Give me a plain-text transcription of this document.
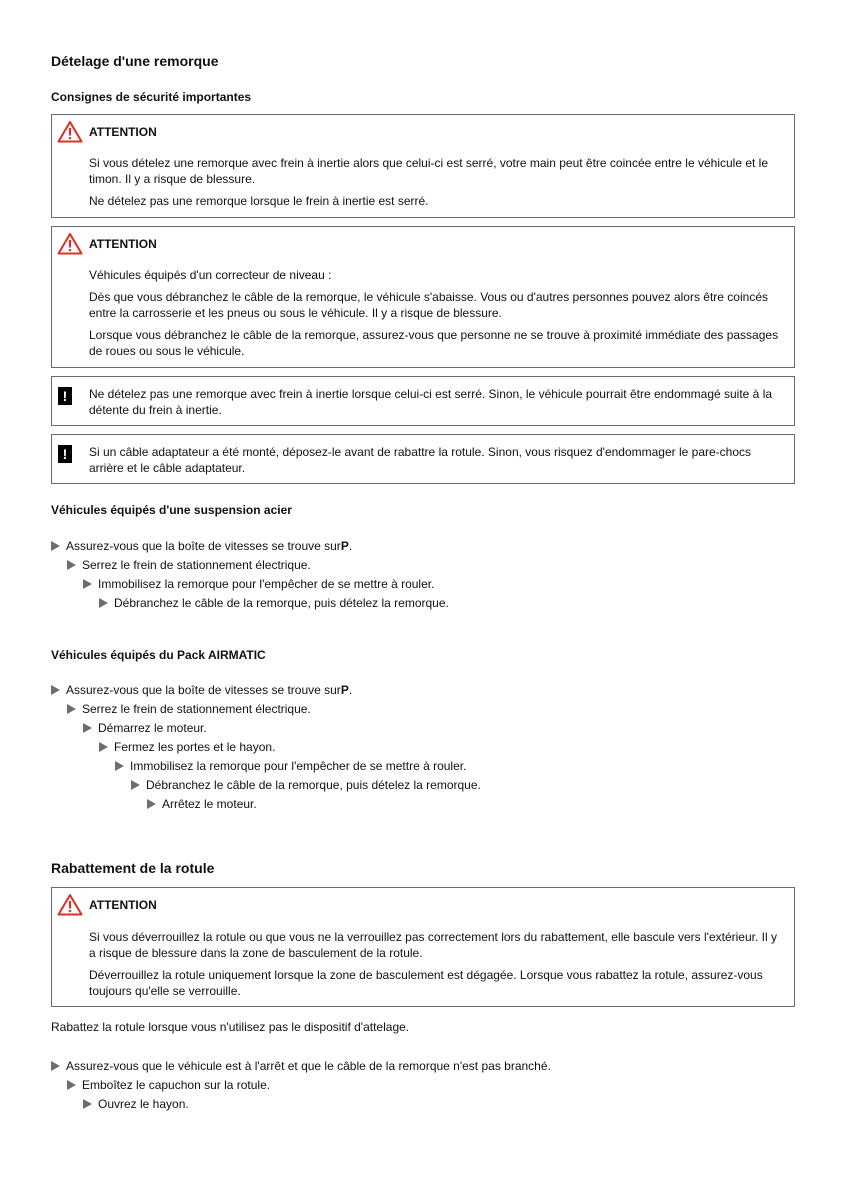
Dételage d'une remorque
Consignes de sécurité importantes
ATTENTION

Si vous dételez une remorque avec frein à inertie alors que celui-ci est serré, votre main peut être coincée entre le véhicule et le timon. Il y a risque de blessure.

Ne dételez pas une remorque lorsque le frein à inertie est serré.

ATTENTION

Véhicules équipés d'un correcteur de niveau :

Dès que vous débranchez le câble de la remorque, le véhicule s'abaisse. Vous ou d'autres personnes pouvez alors être coincés entre la carrosserie et les pneus ou sous le véhicule. Il y a risque de blessure.

Lorsque vous débranchez le câble de la remorque, assurez-vous que personne ne se trouve à proximité immédiate des passages de roues ou sous le véhicule.

!	Ne dételez pas une remorque avec frein à inertie lorsque celui-ci est serré. Sinon, le véhicule pourrait être endommagé suite à la détente du frein à inertie.

!	Si un câble adaptateur a été monté, déposez-le avant de rabattre la rotule. Sinon, vous risquez d'endommager le pare-chocs arrière et le câble adaptateur.

Véhicules équipés d'une suspension acier
Assurez-vous que la boîte de vitesses se trouve sur P .
Serrez le frein de stationnement électrique.
Immobilisez la remorque pour l'empêcher de se mettre à rouler.
Débranchez le câble de la remorque, puis dételez la remorque.
Véhicules équipés du Pack AIRMATIC
Assurez-vous que la boîte de vitesses se trouve sur P .
Serrez le frein de stationnement électrique.
Démarrez le moteur.
Fermez les portes et le hayon.
Immobilisez la remorque pour l'empêcher de se mettre à rouler.
Débranchez le câble de la remorque, puis dételez la remorque.
Arrêtez le moteur.
Rabattement de la rotule
ATTENTION

Si vous déverrouillez la rotule ou que vous ne la verrouillez pas correctement lors du rabattement, elle bascule vers l'extérieur. Il y a risque de blessure dans la zone de basculement de la rotule.

Déverrouillez la rotule uniquement lorsque la zone de basculement est dégagée. Lorsque vous rabattez la rotule, assurez-vous toujours qu'elle se verrouille.

Rabattez la rotule lorsque vous n'utilisez pas le dispositif d'attelage.

Assurez-vous que le véhicule est à l'arrêt et que le câble de la remorque n'est pas branché.
Emboîtez le capuchon sur la rotule.
Ouvrez le hayon.
